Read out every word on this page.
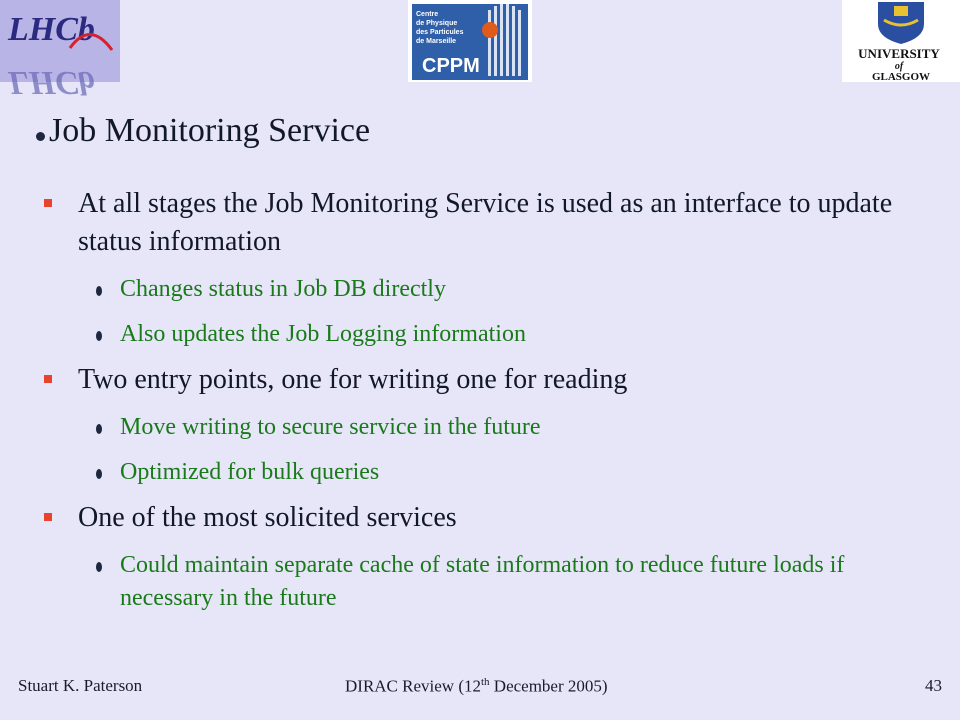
LHCb
LHCb
Centre de Physique des Particules de Marseille
CPPM
UNIVERSITY of GLASGOW
Job Monitoring Service
At all stages the Job Monitoring Service is used as an interface to update status information
Changes status in Job DB directly
Also updates the Job Logging information
Two entry points, one for writing one for reading
Move writing to secure service in the future
Optimized for bulk queries
One of the most solicited services
Could maintain separate cache of state information to reduce future loads if necessary in the future
Stuart K. Paterson	DIRAC Review (12th December 2005)	43
